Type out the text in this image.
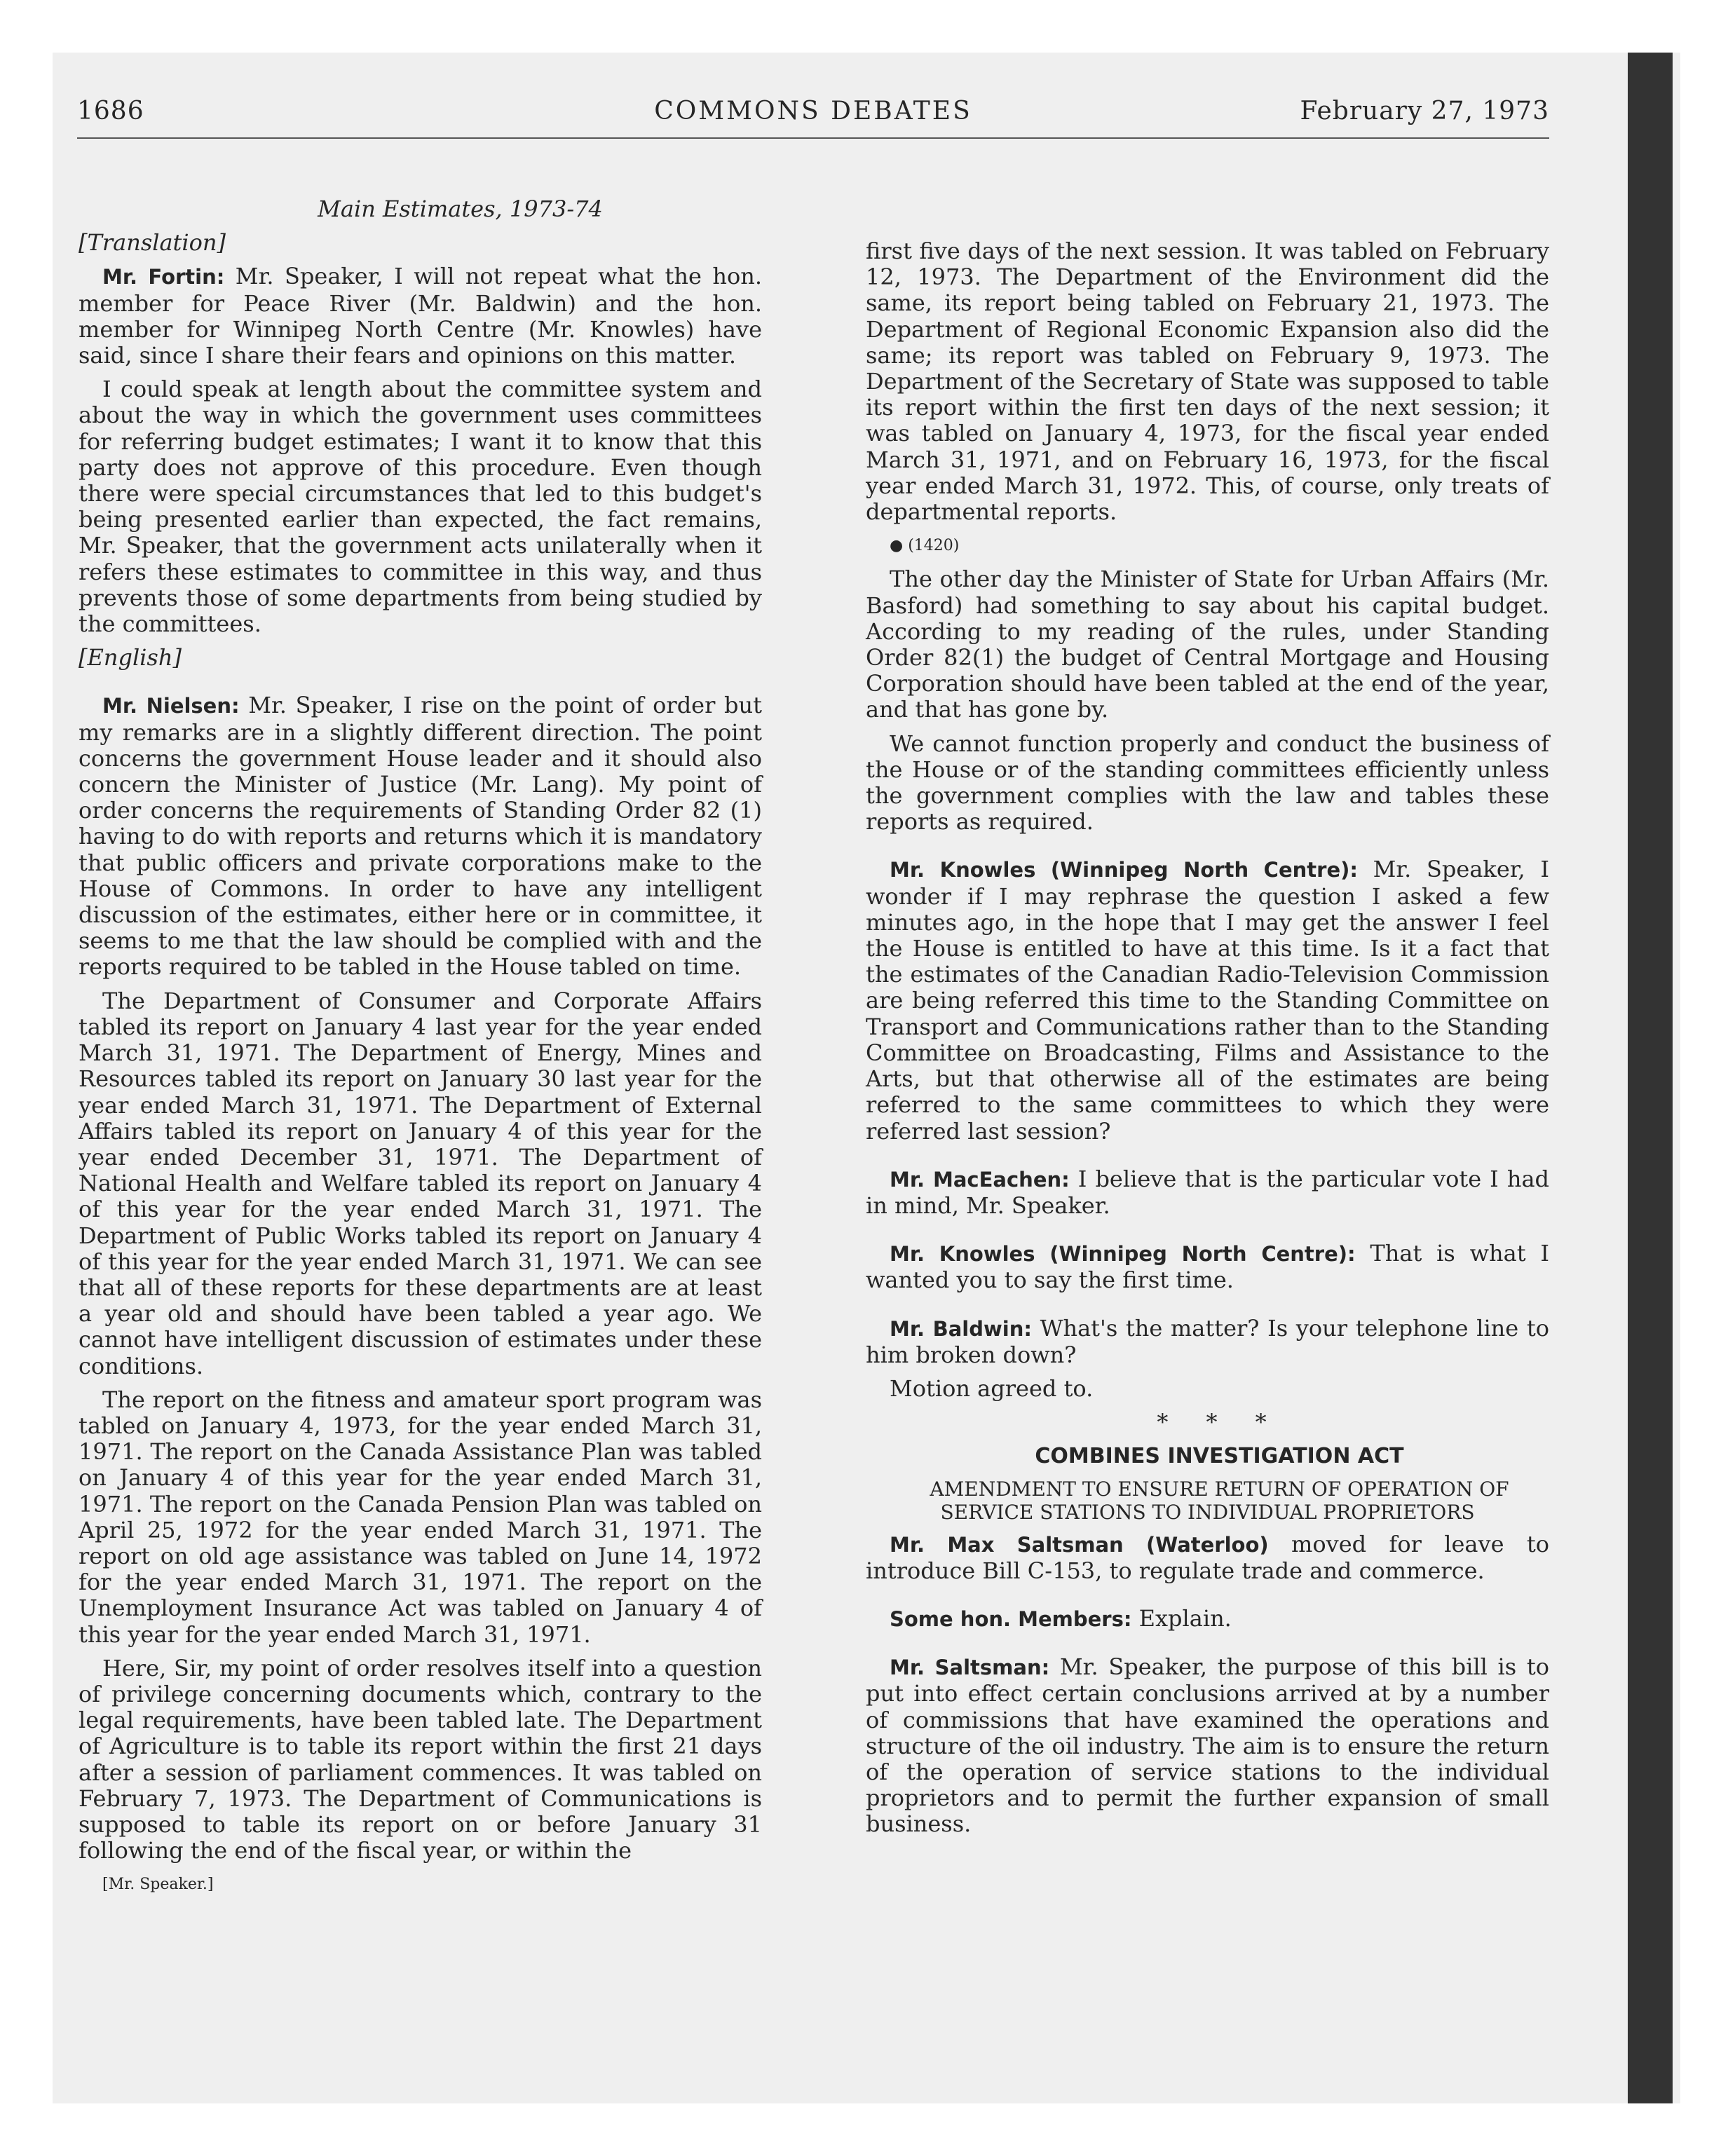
1686	COMMONS DEBATES	February 27, 1973

Main Estimates, 1973-74

[Translation]

Mr. Fortin: Mr. Speaker, I will not repeat what the hon. member for Peace River (Mr. Baldwin) and the hon. member for Winnipeg North Centre (Mr. Knowles) have said, since I share their fears and opinions on this matter.

I could speak at length about the committee system and about the way in which the government uses committees for referring budget estimates; I want it to know that this party does not approve of this procedure. Even though there were special circumstances that led to this budget's being presented earlier than expected, the fact remains, Mr. Speaker, that the government acts unilaterally when it refers these estimates to committee in this way, and thus prevents those of some departments from being studied by the committees.

[English]

Mr. Nielsen: Mr. Speaker, I rise on the point of order but my remarks are in a slightly different direction. The point concerns the government House leader and it should also concern the Minister of Justice (Mr. Lang). My point of order concerns the requirements of Standing Order 82 (1) having to do with reports and returns which it is mandatory that public officers and private corporations make to the House of Commons. In order to have any intelligent discussion of the estimates, either here or in committee, it seems to me that the law should be complied with and the reports required to be tabled in the House tabled on time.

The Department of Consumer and Corporate Affairs tabled its report on January 4 last year for the year ended March 31, 1971. The Department of Energy, Mines and Resources tabled its report on January 30 last year for the year ended March 31, 1971. The Department of External Affairs tabled its report on January 4 of this year for the year ended December 31, 1971. The Department of National Health and Welfare tabled its report on January 4 of this year for the year ended March 31, 1971. The Department of Public Works tabled its report on January 4 of this year for the year ended March 31, 1971. We can see that all of these reports for these departments are at least a year old and should have been tabled a year ago. We cannot have intelligent discussion of estimates under these conditions.

The report on the fitness and amateur sport program was tabled on January 4, 1973, for the year ended March 31, 1971. The report on the Canada Assistance Plan was tabled on January 4 of this year for the year ended March 31, 1971. The report on the Canada Pension Plan was tabled on April 25, 1972 for the year ended March 31, 1971. The report on old age assistance was tabled on June 14, 1972 for the year ended March 31, 1971. The report on the Unemployment Insurance Act was tabled on January 4 of this year for the year ended March 31, 1971.

Here, Sir, my point of order resolves itself into a question of privilege concerning documents which, contrary to the legal requirements, have been tabled late. The Department of Agriculture is to table its report within the first 21 days after a session of parliament commences. It was tabled on February 7, 1973. The Department of Communications is supposed to table its report on or before January 31 following the end of the fiscal year, or within the

[Mr. Speaker.]

first five days of the next session. It was tabled on February 12, 1973. The Department of the Environment did the same, its report being tabled on February 21, 1973. The Department of Regional Economic Expansion also did the same; its report was tabled on February 9, 1973. The Department of the Secretary of State was supposed to table its report within the first ten days of the next session; it was tabled on January 4, 1973, for the fiscal year ended March 31, 1971, and on February 16, 1973, for the fiscal year ended March 31, 1972. This, of course, only treats of departmental reports.

● (1420)

The other day the Minister of State for Urban Affairs (Mr. Basford) had something to say about his capital budget. According to my reading of the rules, under Standing Order 82(1) the budget of Central Mortgage and Housing Corporation should have been tabled at the end of the year, and that has gone by.

We cannot function properly and conduct the business of the House or of the standing committees efficiently unless the government complies with the law and tables these reports as required.

Mr. Knowles (Winnipeg North Centre): Mr. Speaker, I wonder if I may rephrase the question I asked a few minutes ago, in the hope that I may get the answer I feel the House is entitled to have at this time. Is it a fact that the estimates of the Canadian Radio-Television Commission are being referred this time to the Standing Committee on Transport and Communications rather than to the Standing Committee on Broadcasting, Films and Assistance to the Arts, but that otherwise all of the estimates are being referred to the same committees to which they were referred last session?

Mr. MacEachen: I believe that is the particular vote I had in mind, Mr. Speaker.

Mr. Knowles (Winnipeg North Centre): That is what I wanted you to say the first time.

Mr. Baldwin: What's the matter? Is your telephone line to him broken down?

Motion agreed to.

* * *

COMBINES INVESTIGATION ACT

AMENDMENT TO ENSURE RETURN OF OPERATION OF SERVICE STATIONS TO INDIVIDUAL PROPRIETORS

Mr. Max Saltsman (Waterloo) moved for leave to introduce Bill C-153, to regulate trade and commerce.

Some hon. Members: Explain.

Mr. Saltsman: Mr. Speaker, the purpose of this bill is to put into effect certain conclusions arrived at by a number of commissions that have examined the operations and structure of the oil industry. The aim is to ensure the return of the operation of service stations to the individual proprietors and to permit the further expansion of small business.
